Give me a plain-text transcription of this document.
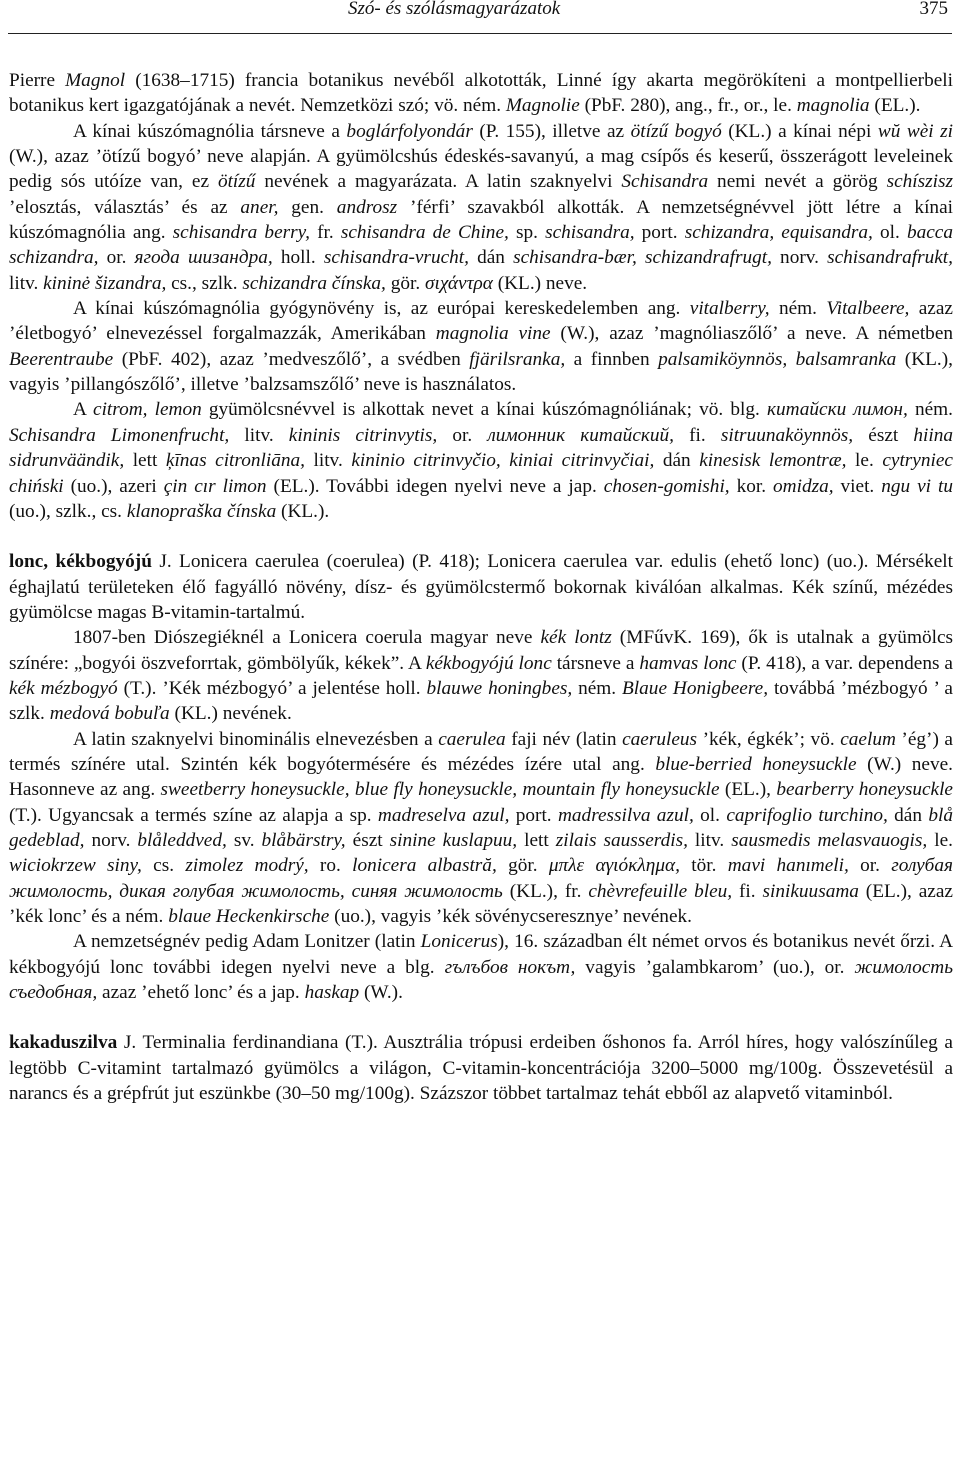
Szó- és szólásmagyarázatok	375

Pierre Magnol (1638–1715) francia botanikus nevéből alkotották, Linné így akarta megörökíteni a montpellierbeli botanikus kert igazgatójának a nevét. Nemzetközi szó; vö. ném. Magnolie (PbF. 280), ang., fr., or., le. magnolia (EL.).

A kínai kúszómagnólia társneve a boglárfolyondár (P. 155), illetve az ötízű bogyó (KL.) a kínai népi wŭ wèi zi (W.), azaz ’ötízű bogyó’ neve alapján. A gyümölcshús édeskés-savanyú, a mag csípős és keserű, összerágott leveleinek pedig sós utóíze van, ez ötízű nevének a magyarázata. A latin szaknyelvi Schisandra nemi nevét a görög schíszisz ’elosztás, választás’ és az aner, gen. androsz ’férfi’ szavakból alkották. A nemzetségnévvel jött létre a kínai kúszómagnólia ang. schisandra berry, fr. schisandra de Chine, sp. schisandra, port. schizandra, equisandra, ol. bacca schizandra, or. ягода шизандра, holl. schisandra-vrucht, dán schisandra-bær, schizandrafrugt, norv. schisandrafrukt, litv. kininė šizandra, cs., szlk. schizandra čínska, gör. σιχάντρα (KL.) neve.

A kínai kúszómagnólia gyógynövény is, az európai kereskedelemben ang. vitalberry, ném. Vitalbeere, azaz ’életbogyó’ elnevezéssel forgalmazzák, Amerikában magnolia vine (W.), azaz ’magnóliaszőlő’ a neve. A németben Beerentraube (PbF. 402), azaz ’medveszőlő’, a svédben fjärilsranka, a finnben palsamiköynnös, balsamranka (KL.), vagyis ’pillangószőlő’, illetve ’balzsamszőlő’ neve is használatos.

A citrom, lemon gyümölcsnévvel is alkottak nevet a kínai kúszómagnóliának; vö. blg. китайски лимон, ném. Schisandra Limonenfrucht, litv. kininis citrinvytis, or. лимонник китайский, fi. sitruunaköynnös, észt hiina sidrunväändik, lett ķīnas citronliāna, litv. kininio citrinvyčio, kiniai citrinvyčiai, dán kinesisk lemontræ, le. cytryniec chiński (uo.), azeri çin cır limon (EL.). További idegen nyelvi neve a jap. chosen-gomishi, kor. omidza, viet. ngu vi tu (uo.), szlk., cs. klanopraška čínska (KL.).

lonc, kékbogyójú J. Lonicera caerulea (coerulea) (P. 418); Lonicera caerulea var. edulis (ehető lonc) (uo.). Mérsékelt éghajlatú területeken élő fagyálló növény, dísz- és gyümölcstermő bokornak kiválóan alkalmas. Kék színű, mézédes gyümölcse magas B-vitamin-tartalmú.

1807-ben Diószegiéknél a Lonicera coerula magyar neve kék lontz (MFűvK. 169), ők is utalnak a gyümölcs színére: „bogyói öszveforrtak, gömbölyűk, kékek”. A kékbogyójú lonc társneve a hamvas lonc (P. 418), a var. dependens a kék mézbogyó (T.). ’Kék mézbogyó’ a jelentése holl. blauwe honingbes, ném. Blaue Honigbeere, továbbá ’mézbogyó ’ a szlk. medová bobuľa (KL.) nevének.

A latin szaknyelvi binominális elnevezésben a caerulea faji név (latin caeruleus ’kék, égkék’; vö. caelum ’ég’) a termés színére utal. Szintén kék bogyótermésére és mézédes ízére utal ang. blue-berried honeysuckle (W.) neve. Hasonneve az ang. sweetberry honeysuckle, blue fly honeysuckle, mountain fly honeysuckle (EL.), bearberry honeysuckle (T.). Ugyancsak a termés színe az alapja a sp. madreselva azul, port. madressilva azul, ol. caprifoglio turchino, dán blå gedeblad, norv. blåleddved, sv. blåbärstry, észt sinine kuslapuu, lett zilais sausserdis, litv. sausmedis melasvauogis, le. wiciokrzew siny, cs. zimolez modrý, ro. lonicera albastră, gör. μπλε αγιόκλημα, tör. mavi hanımeli, or. голубая жимолость, дикая голубая жимолость, синяя жимолость (KL.), fr. chèvrefeuille bleu, fi. sinikuusama (EL.), azaz ’kék lonc’ és a ném. blaue Heckenkirsche (uo.), vagyis ’kék sövénycseresznye’ nevének.

A nemzetségnév pedig Adam Lonitzer (latin Lonicerus), 16. században élt német orvos és botanikus nevét őrzi. A kékbogyójú lonc további idegen nyelvi neve a blg. гълъбов нокът, vagyis ’galambkarom’ (uo.), or. жимолость съедобная, azaz ’ehető lonc’ és a jap. haskap (W.).

kakaduszilva J. Terminalia ferdinandiana (T.). Ausztrália trópusi erdeiben őshonos fa. Arról híres, hogy valószínűleg a legtöbb C-vitamint tartalmazó gyümölcs a világon, C-vitamin-koncentrációja 3200–5000 mg/100g. Összevetésül a narancs és a grépfrút jut eszünkbe (30–50 mg/100g). Százszor többet tartalmaz tehát ebből az alapvető vitaminból.
